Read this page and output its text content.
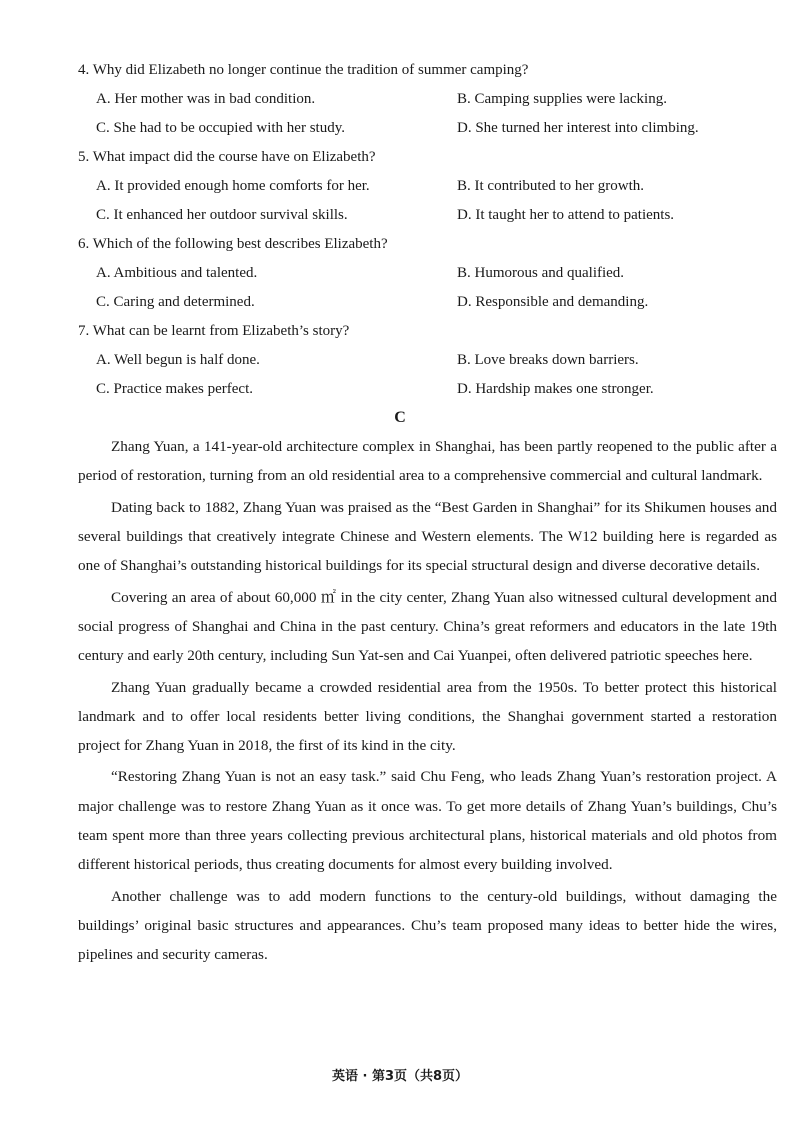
4. Why did Elizabeth no longer continue the tradition of summer camping?
A. Her mother was in bad condition.	B. Camping supplies were lacking.
C. She had to be occupied with her study.	D. She turned her interest into climbing.
5. What impact did the course have on Elizabeth?
A. It provided enough home comforts for her.	B. It contributed to her growth.
C. It enhanced her outdoor survival skills.	D. It taught her to attend to patients.
6. Which of the following best describes Elizabeth?
A. Ambitious and talented.	B. Humorous and qualified.
C. Caring and determined.	D. Responsible and demanding.
7. What can be learnt from Elizabeth’s story?
A. Well begun is half done.	B. Love breaks down barriers.
C. Practice makes perfect.	D. Hardship makes one stronger.
C

Zhang Yuan, a 141-year-old architecture complex in Shanghai, has been partly reopened to the public after a period of restoration, turning from an old residential area to a comprehensive commercial and cultural landmark.

Dating back to 1882, Zhang Yuan was praised as the “Best Garden in Shanghai” for its Shikumen houses and several buildings that creatively integrate Chinese and Western elements. The W12 building here is regarded as one of Shanghai’s outstanding historical buildings for its special structural design and diverse decorative details.

Covering an area of about 60,000 ㎡ in the city center, Zhang Yuan also witnessed cultural development and social progress of Shanghai and China in the past century. China’s great reformers and educators in the late 19th century and early 20th century, including Sun Yat-sen and Cai Yuanpei, often delivered patriotic speeches here.

Zhang Yuan gradually became a crowded residential area from the 1950s. To better protect this historical landmark and to offer local residents better living conditions, the Shanghai government started a restoration project for Zhang Yuan in 2018, the first of its kind in the city.

“Restoring Zhang Yuan is not an easy task.” said Chu Feng, who leads Zhang Yuan’s restoration project. A major challenge was to restore Zhang Yuan as it once was. To get more details of Zhang Yuan’s buildings, Chu’s team spent more than three years collecting previous architectural plans, historical materials and old photos from different historical periods, thus creating documents for almost every building involved.

Another challenge was to add modern functions to the century-old buildings, without damaging the buildings’ original basic structures and appearances. Chu’s team proposed many ideas to better hide the wires, pipelines and security cameras.

英语 · 第3页（共8页）
